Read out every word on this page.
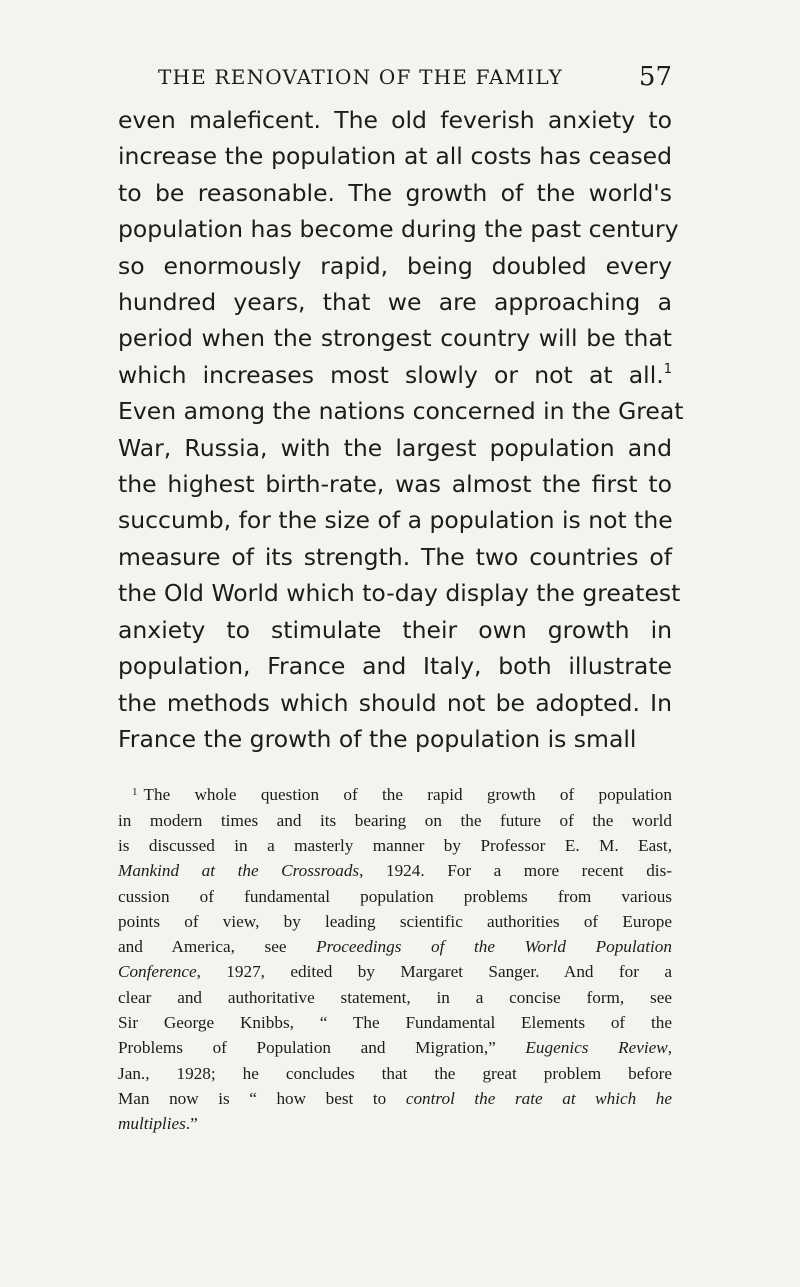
THE RENOVATION OF THE FAMILY	57
even maleficent. The old feverish anxiety to
increase the population at all costs has ceased
to be reasonable. The growth of the world's
population has become during the past century
so enormously rapid, being doubled every
hundred years, that we are approaching a
period when the strongest country will be that
which increases most slowly or not at all.$^1$
Even among the nations concerned in the Great
War, Russia, with the largest population and
the highest birth-rate, was almost the first to
succumb, for the size of a population is not the
measure of its strength. The two countries of
the Old World which to-day display the greatest
anxiety to stimulate their own growth in
population, France and Italy, both illustrate
the methods which should not be adopted. In
France the growth of the population is small
$^1$ The whole question of the rapid growth of population
in modern times and its bearing on the future of the world
is discussed in a masterly manner by Professor E. M. East,
Mankind at the Crossroads, 1924. For a more recent dis-
cussion of fundamental population problems from various
points of view, by leading scientific authorities of Europe
and America, see Proceedings of the World Population
Conference, 1927, edited by Margaret Sanger. And for a
clear and authoritative statement, in a concise form, see
Sir George Knibbs, “ The Fundamental Elements of the
Problems of Population and Migration,” Eugenics Review,
Jan., 1928; he concludes that the great problem before
Man now is “ how best to control the rate at which he
multiplies.”
